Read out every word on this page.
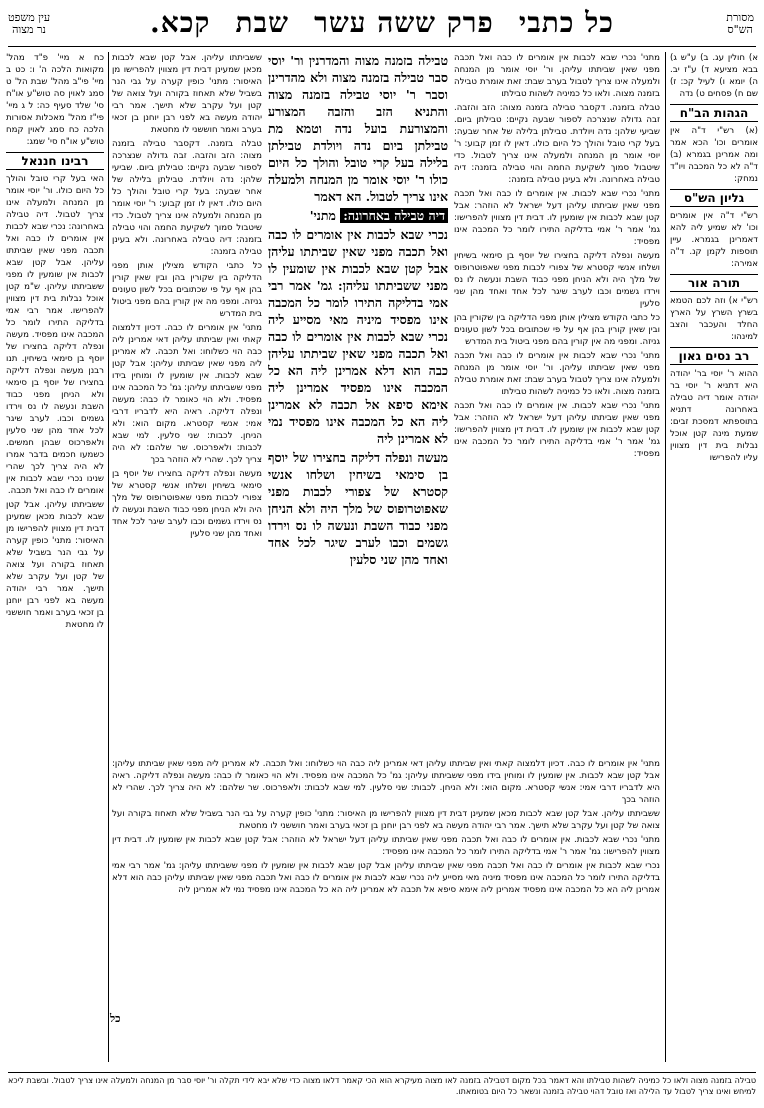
מסורת
הש"ס
כל כתבי
פרק ששה עשר
שבת
קכא.
עין משפט
נר מצוה

א) חולין עג. ב) ע"ש ג) בבא מציעא ד) ע"ז יב. ה) יומא ו) לעיל קכ: ז) שם ח) פסחים ט) נדה

הגהות הב"ח

(א) רש"י ד"ה אין אומרים וכו' הכא אמר ומה אמרינן בגמרא (ב) ד"ה לא כל המכבה ויו"ד נמחק:

גליון הש"ס

רש"י ד"ה אין אומרים וכו' לא שמיע ליה להא דאמרינן בגמרא. עיין תוספות לקמן קנ. ד"ה אמירה:

תורה אור

רש"י א) וזה לכם הטמא בשרץ השרץ על הארץ החלד והעכבר והצב למינהו:

רב נסים גאון

ההוא ר' יוסי בר' יהודה היא דתניא ר' יוסי בר יהודה אומר דיה טבילה באחרונה דתניא בתוספתא דמסכת זבים: שמעת מינה קטן אוכל נבלות בית דין מצווין עליו להפרישו

מתני' נכרי שבא לכבות אין אומרים לו כבה ואל תכבה מפני שאין שביתתו עליהן. ור' יוסי אומר מן המנחה ולמעלה אינו צריך לטבול בערב שבת: זאת אומרת טבילה בזמנה מצוה. ולאו כל כמיניה לשהות טבילתו

טבלה בזמנה. דקסבר טבילה בזמנה מצוה: הזב והזבה. זבה גדולה שנצרכה לספור שבעה נקיים: טבילתן ביום. שביעי שלהן: נדה ויולדת. טבילתן בלילה של אחר שבעה: בעל קרי טובל והולך כל היום כולו. דאין לו זמן קבוע: ר' יוסי אומר מן המנחה ולמעלה אינו צריך לטבול. כדי שיטבול סמוך לשקיעת החמה והוי טבילה בזמנה: דיה טבילה באחרונה. ולא בעינן טבילה בזמנה:

מתני' נכרי שבא לכבות. אין אומרים לו כבה ואל תכבה מפני שאין שביתתו עליהן דעל ישראל לא הוזהר: אבל קטן שבא לכבות אין שומעין לו. דבית דין מצווין להפרישו: גמ' אמר ר' אמי בדליקה התירו לומר כל המכבה אינו מפסיד:

מעשה ונפלה דליקה בחצירו של יוסף בן סימאי בשיחין ושלחו אנשי קסטרא של צפורי לכבות מפני שאפוטרופוס של מלך היה ולא הניחן מפני כבוד השבת ונעשה לו נס וירדו גשמים וכבו לערב שיגר לכל אחד ואחד מהן שני סלעין

כל כתבי הקודש מצילין אותן מפני הדליקה בין שקורין בהן ובין שאין קורין בהן אף על פי שכתובים בכל לשון טעונים גניזה. ומפני מה אין קורין בהם מפני ביטול בית המדרש

מתני' נכרי שבא לכבות אין אומרים לו כבה ואל תכבה מפני שאין שביתתו עליהן. ור' יוסי אומר מן המנחה ולמעלה אינו צריך לטבול בערב שבת: זאת אומרת טבילה בזמנה מצוה. ולאו כל כמיניה לשהות טבילתו

מתני' נכרי שבא לכבות. אין אומרים לו כבה ואל תכבה מפני שאין שביתתו עליהן דעל ישראל לא הוזהר: אבל קטן שבא לכבות אין שומעין לו. דבית דין מצווין להפרישו: גמ' אמר ר' אמי בדליקה התירו לומר כל המכבה אינו מפסיד:

טבילה בזמנה מצוה והמדרנין ור' יוסי סבר טבילה בזמנה מצוה ולא מהדרינן וסבר ר' יוסי טבילה בזמנה מצוה והתניא הזב והזבה המצורע והמצורעת בועל נדה וטמא מת טבילתן ביום נדה ויולדת טבילתן בלילה בעל קרי טובל והולך כל היום כולו ר' יוסי אומר מן המנחה ולמעלה אינו צריך לטבול. הא דאמר

דיה טבילה באחרונה: מתני'

נכרי שבא לכבות אין אומרים לו כבה ואל תכבה מפני שאין שביתתו עליהן אבל קטן שבא לכבות אין שומעין לו מפני ששביתתו עליהן: גמ' אמר רבי אמי בדליקה התירו לומר כל המכבה אינו מפסיד מיניה מאי מסייע ליה נכרי שבא לכבות אין אומרים לו כבה ואל תכבה מפני שאין שביתתו עליהן כבה הוא דלא אמרינן ליה הא כל המכבה אינו מפסיד אמרינן ליה אימא סיפא אל תכבה לא אמרינן ליה הא כל המכבה אינו מפסיד נמי לא אמרינן ליה

מעשה ונפלה דליקה בחצירו של יוסף בן סימאי בשיחין ושלחו אנשי קסטרא של צפורי לכבות מפני שאפוטרופוס של מלך היה ולא הניחן מפני כבוד השבת ונעשה לו נס וירדו גשמים וכבו לערב שיגר לכל אחד ואחד מהן שני סלעין

ששביתתו עליהן. אבל קטן שבא לכבות מכאן שמעינן דבית דין מצווין להפרישו מן האיסור: מתני' כופין קערה על גבי הנר בשביל שלא תאחוז בקורה ועל צואה של קטן ועל עקרב שלא תישך. אמר רבי יהודה מעשה בא לפני רבן יוחנן בן זכאי בערב ואמר חוששני לו מחטאת

טבלה בזמנה. דקסבר טבילה בזמנה מצוה: הזב והזבה. זבה גדולה שנצרכה לספור שבעה נקיים: טבילתן ביום. שביעי שלהן: נדה ויולדת. טבילתן בלילה של אחר שבעה: בעל קרי טובל והולך כל היום כולו. דאין לו זמן קבוע: ר' יוסי אומר מן המנחה ולמעלה אינו צריך לטבול. כדי שיטבול סמוך לשקיעת החמה והוי טבילה בזמנה: דיה טבילה באחרונה. ולא בעינן טבילה בזמנה:

כל כתבי הקודש מצילין אותן מפני הדליקה בין שקורין בהן ובין שאין קורין בהן אף על פי שכתובים בכל לשון טעונים גניזה. ומפני מה אין קורין בהם מפני ביטול בית המדרש

מתני' אין אומרים לו כבה. דכיון דלמצוה קאתי ואין שביתתו עליהן דאי אמרינן ליה כבה הוי כשלוחו: ואל תכבה. לא אמרינן ליה מפני שאין שביתתו עליהן: אבל קטן שבא לכבות. אין שומעין לו ומוחין בידו מפני ששביתתו עליהן: גמ' כל המכבה אינו מפסיד. ולא הוי כאומר לו כבה: מעשה ונפלה דליקה. ראיה היא לדבריו דרבי אמי: אנשי קסטרא. מקום הוא: ולא הניחן. לכבות: שני סלעין. למי שבא לכבות: ולאפרכוס. שר שלהם: לא היה צריך לכך. שהרי לא הוזהר בכך

מעשה ונפלה דליקה בחצירו של יוסף בן סימאי בשיחין ושלחו אנשי קסטרא של צפורי לכבות מפני שאפוטרופוס של מלך היה ולא הניחן מפני כבוד השבת ונעשה לו נס וירדו גשמים וכבו לערב שיגר לכל אחד ואחד מהן שני סלעין

כח א מיי' פ"ד מהל' מקואות הלכה ה' ו: כט ב מיי' פי"ב מהל' שבת הל' ט סמג לאוין סה טוש"ע או"ח סי' שלד סעיף כה: ל ג מיי' פי"ז מהל' מאכלות אסורות הלכה כח סמג לאוין קמח טוש"ע או"ח סי' שמג:

רבינו חננאל

האי בעל קרי טובל והולך כל היום כולו. ור' יוסי אומר מן המנחה ולמעלה אינו צריך לטבול. דיה טבילה באחרונה: נכרי שבא לכבות אין אומרים לו כבה ואל תכבה מפני שאין שביתתו עליהן. אבל קטן שבא לכבות אין שומעין לו מפני ששביתתו עליהן. ש"מ קטן אוכל נבלות בית דין מצווין להפרישו. אמר רבי אמי בדליקה התירו לומר כל המכבה אינו מפסיד. מעשה ונפלה דליקה בחצירו של יוסף בן סימאי בשיחין. תנו רבנן מעשה ונפלה דליקה בחצירו של יוסף בן סימאי ולא הניחן מפני כבוד השבת ונעשה לו נס וירדו גשמים וכבו. לערב שיגר לכל אחד מהן שני סלעין ולאפרכוס שבהן חמשים. כשמעו חכמים בדבר אמרו לא היה צריך לכך שהרי שנינו נכרי שבא לכבות אין אומרים לו כבה ואל תכבה.

ששביתתו עליהן. אבל קטן שבא לכבות מכאן שמעינן דבית דין מצווין להפרישו מן האיסור: מתני' כופין קערה על גבי הנר בשביל שלא תאחוז בקורה ועל צואה של קטן ועל עקרב שלא תישך. אמר רבי יהודה מעשה בא לפני רבן יוחנן בן זכאי בערב ואמר חוששני לו מחטאת

מתני' אין אומרים לו כבה. דכיון דלמצוה קאתי ואין שביתתו עליהן דאי אמרינן ליה כבה הוי כשלוחו: ואל תכבה. לא אמרינן ליה מפני שאין שביתתו עליהן: אבל קטן שבא לכבות. אין שומעין לו ומוחין בידו מפני ששביתתו עליהן: גמ' כל המכבה אינו מפסיד. ולא הוי כאומר לו כבה: מעשה ונפלה דליקה. ראיה היא לדבריו דרבי אמי: אנשי קסטרא. מקום הוא: ולא הניחן. לכבות: שני סלעין. למי שבא לכבות: ולאפרכוס. שר שלהם: לא היה צריך לכך. שהרי לא הוזהר בכך

ששביתתו עליהן. אבל קטן שבא לכבות מכאן שמעינן דבית דין מצווין להפרישו מן האיסור: מתני' כופין קערה על גבי הנר בשביל שלא תאחוז בקורה ועל צואה של קטן ועל עקרב שלא תישך. אמר רבי יהודה מעשה בא לפני רבן יוחנן בן זכאי בערב ואמר חוששני לו מחטאת

מתני' נכרי שבא לכבות. אין אומרים לו כבה ואל תכבה מפני שאין שביתתו עליהן דעל ישראל לא הוזהר: אבל קטן שבא לכבות אין שומעין לו. דבית דין מצווין להפרישו: גמ' אמר ר' אמי בדליקה התירו לומר כל המכבה אינו מפסיד:

נכרי שבא לכבות אין אומרים לו כבה ואל תכבה מפני שאין שביתתו עליהן אבל קטן שבא לכבות אין שומעין לו מפני ששביתתו עליהן: גמ' אמר רבי אמי בדליקה התירו לומר כל המכבה אינו מפסיד מיניה מאי מסייע ליה נכרי שבא לכבות אין אומרים לו כבה ואל תכבה מפני שאין שביתתו עליהן כבה הוא דלא אמרינן ליה הא כל המכבה אינו מפסיד אמרינן ליה אימא סיפא אל תכבה לא אמרינן ליה הא כל המכבה אינו מפסיד נמי לא אמרינן ליה

כל
טבילה בזמנה מצוה ולאו כל כמיניה לשהות טבילתו והא דאמר בכל מקום דטבילה בזמנה לאו מצוה מעיקרא הוא הכי קאמר דלאו מצוה כדי שלא יבא לידי תקלה ור' יוסי סבר מן המנחה ולמעלה אינו צריך לטבול. ובשבת ליכא למיחש ואינו צריך לטבול עד הלילה ואז טובל דהוי טבילה בזמנה ונשאר כל היום בטומאתו.
